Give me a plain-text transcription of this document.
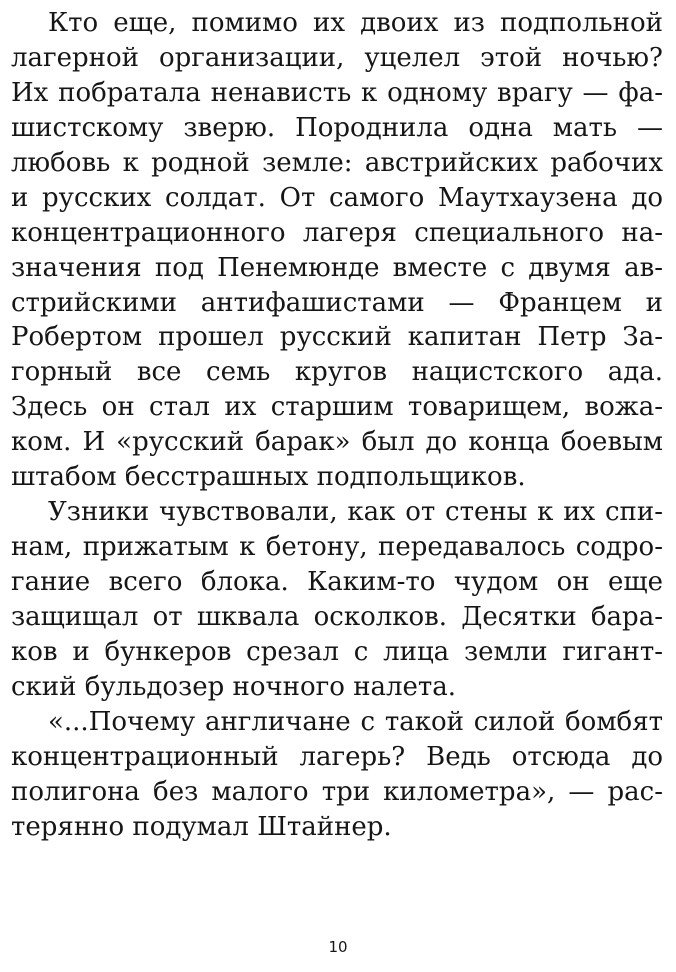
Кто еще, помимо их двоих из подпольной
лагерной организации, уцелел этой ночью?
Их побратала ненависть к одному врагу — фа-
шистскому зверю. Породнила одна мать —
любовь к родной земле: австрийских рабочих
и русских солдат. От самого Маутхаузена до
концентрационного лагеря специального на-
значения под Пенемюнде вместе с двумя ав-
стрийскими антифашистами — Францем и
Робертом прошел русский капитан Петр За-
горный все семь кругов нацистского ада.
Здесь он стал их старшим товарищем, вожа-
ком. И «русский барак» был до конца боевым
штабом бесстрашных подпольщиков.
Узники чувствовали, как от стены к их спи-
нам, прижатым к бетону, передавалось содро-
гание всего блока. Каким-то чудом он еще
защищал от шквала осколков. Десятки бара-
ков и бункеров срезал с лица земли гигант-
ский бульдозер ночного налета.
«...Почему англичане с такой силой бомбят
концентрационный лагерь? Ведь отсюда до
полигона без малого три километра», — рас-
терянно подумал Штайнер.
10
